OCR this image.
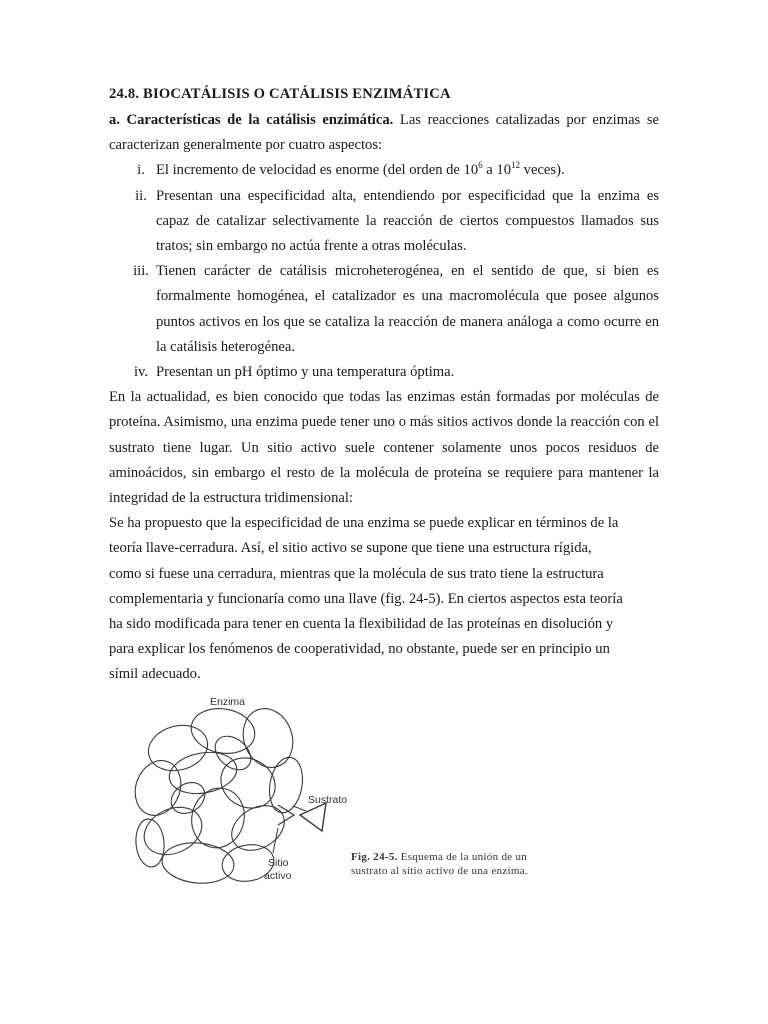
24.8. BIOCATÁLISIS O CATÁLISIS ENZIMÁTICA

a. Características de la catálisis enzimática. Las reacciones catalizadas por enzimas se caracterizan generalmente por cuatro aspectos:

i. El incremento de velocidad es enorme (del orden de $10^6$ a $10^{12}$ veces).
ii. Presentan una especificidad alta, entendiendo por especificidad que la enzima es capaz de catalizar selectivamente la reacción de ciertos compuestos llamados sus tratos; sin embargo no actúa frente a otras moléculas.
iii. Tienen carácter de catálisis microheterogénea, en el sentido de que, si bien es formalmente homogénea, el catalizador es una macromolécula que posee algunos puntos activos en los que se cataliza la reacción de manera análoga a como ocurre en la catálisis heterogénea.
iv. Presentan un pH óptimo y una temperatura óptima.

En la actualidad, es bien conocido que todas las enzimas están formadas por moléculas de proteína. Asimismo, una enzima puede tener uno o más sitios activos donde la reacción con el sustrato tiene lugar. Un sitio activo suele contener solamente unos pocos residuos de aminoácidos, sin embargo el resto de la molécula de proteína se requiere para mantener la integridad de la estructura tridimensional:

Se ha propuesto que la especificidad de una enzima se puede explicar en términos de la
teoría llave-cerradura. Así, el sitio activo se supone que tiene una estructura rígida,
como si fuese una cerradura, mientras que la molécula de sus trato tiene la estructura
complementaria y funcionaría como una llave (fig. 24-5). En ciertos aspectos esta teoría
ha sido modificada para tener en cuenta la flexibilidad de las proteínas en disolución y
para explicar los fenómenos de cooperatividad, no obstante, puede ser en principio un
símil adecuado.
Enzima
Sustrato
Sitio
activo
Fig. 24-5. Esquema de la unión de un sustrato al sitio activo de una enzima.
